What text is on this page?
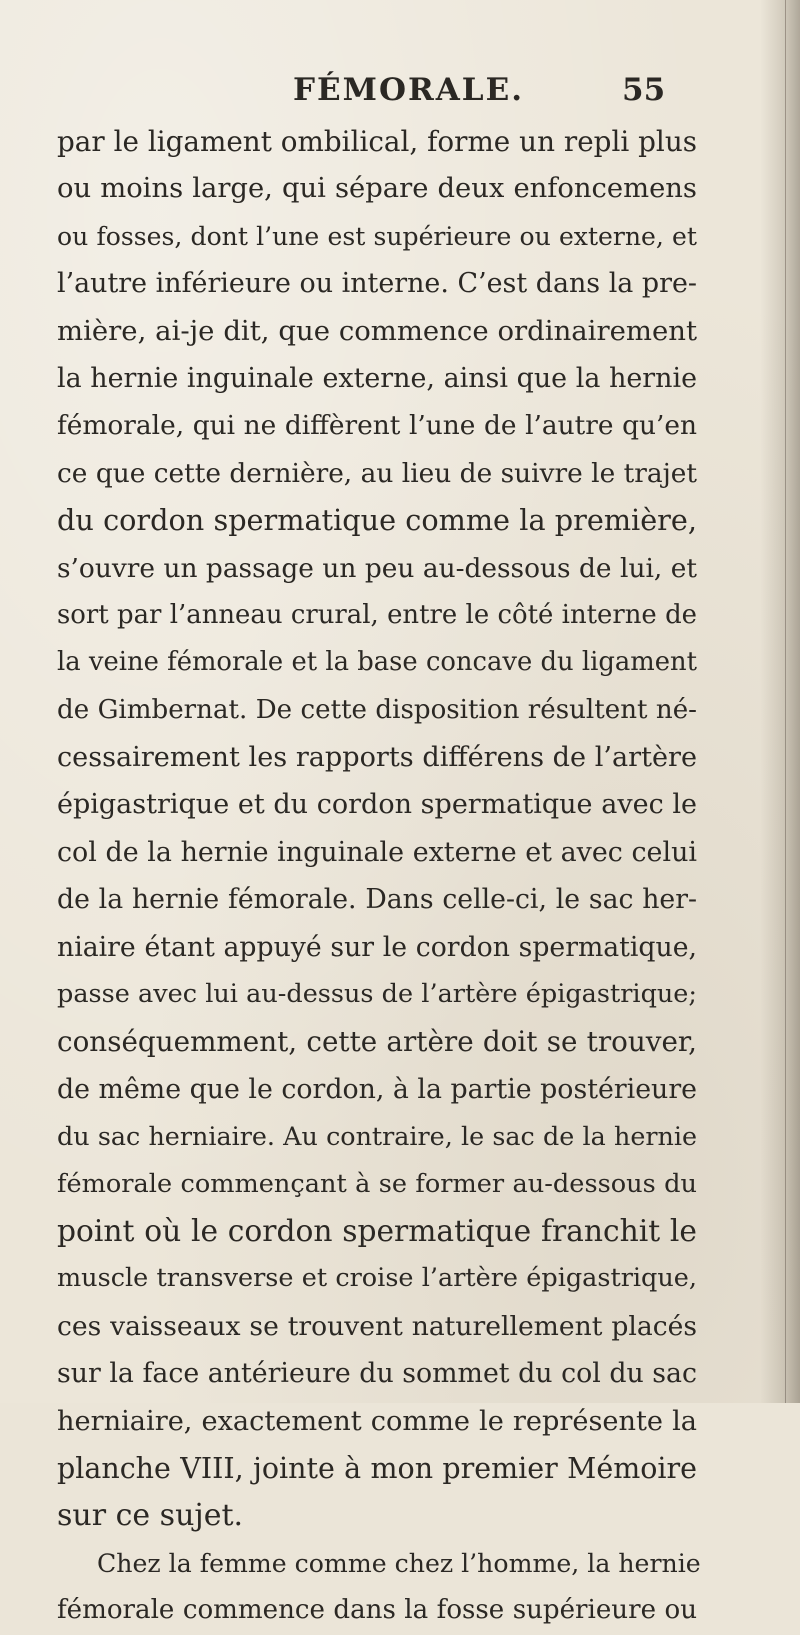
FÉMORALE.	55
par le ligament ombilical, forme un repli plus
ou moins large, qui sépare deux enfoncemens
ou fosses, dont l’une est supérieure ou externe, et
l’autre inférieure ou interne. C’est dans la pre-
mière, ai-je dit, que commence ordinairement
la hernie inguinale externe, ainsi que la hernie
fémorale, qui ne diffèrent l’une de l’autre qu’en
ce que cette dernière, au lieu de suivre le trajet
du cordon spermatique comme la première,
s’ouvre un passage un peu au-dessous de lui, et
sort par l’anneau crural, entre le côté interne de
la veine fémorale et la base concave du ligament
de Gimbernat. De cette disposition résultent né-
cessairement les rapports différens de l’artère
épigastrique et du cordon spermatique avec le
col de la hernie inguinale externe et avec celui
de la hernie fémorale. Dans celle-ci, le sac her-
niaire étant appuyé sur le cordon spermatique,
passe avec lui au-dessus de l’artère épigastrique;
conséquemment, cette artère doit se trouver,
de même que le cordon, à la partie postérieure
du sac herniaire. Au contraire, le sac de la hernie
fémorale commençant à se former au-dessous du
point où le cordon spermatique franchit le
muscle transverse et croise l’artère épigastrique,
ces vaisseaux se trouvent naturellement placés
sur la face antérieure du sommet du col du sac
herniaire, exactement comme le représente la
planche VIII, jointe à mon premier Mémoire
sur ce sujet.
Chez la femme comme chez l’homme, la hernie
fémorale commence dans la fosse supérieure ou
